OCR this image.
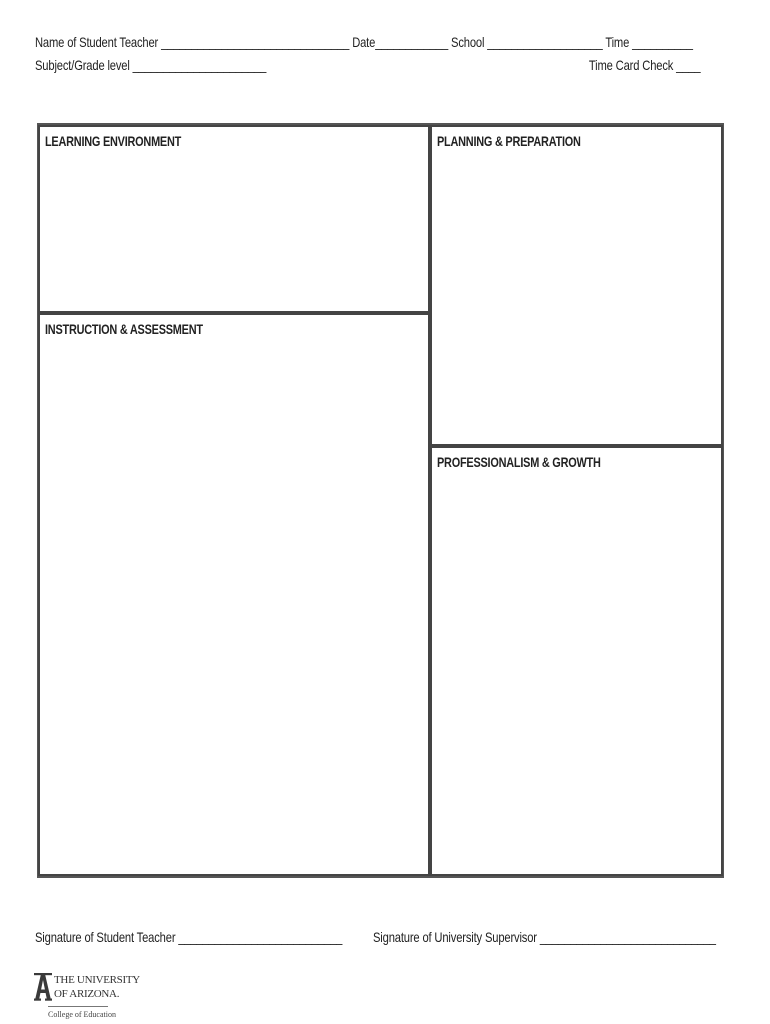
Name of Student Teacher _______________________________ Date____________ School ___________________ Time __________
Subject/Grade level ______________________	Time Card Check ____
LEARNING ENVIRONMENT
INSTRUCTION & ASSESSMENT
PLANNING & PREPARATION
PROFESSIONALISM & GROWTH
Signature of Student Teacher ___________________________ Signature of University Supervisor _____________________________
THE UNIVERSITY
OF ARIZONA.
College of Education
